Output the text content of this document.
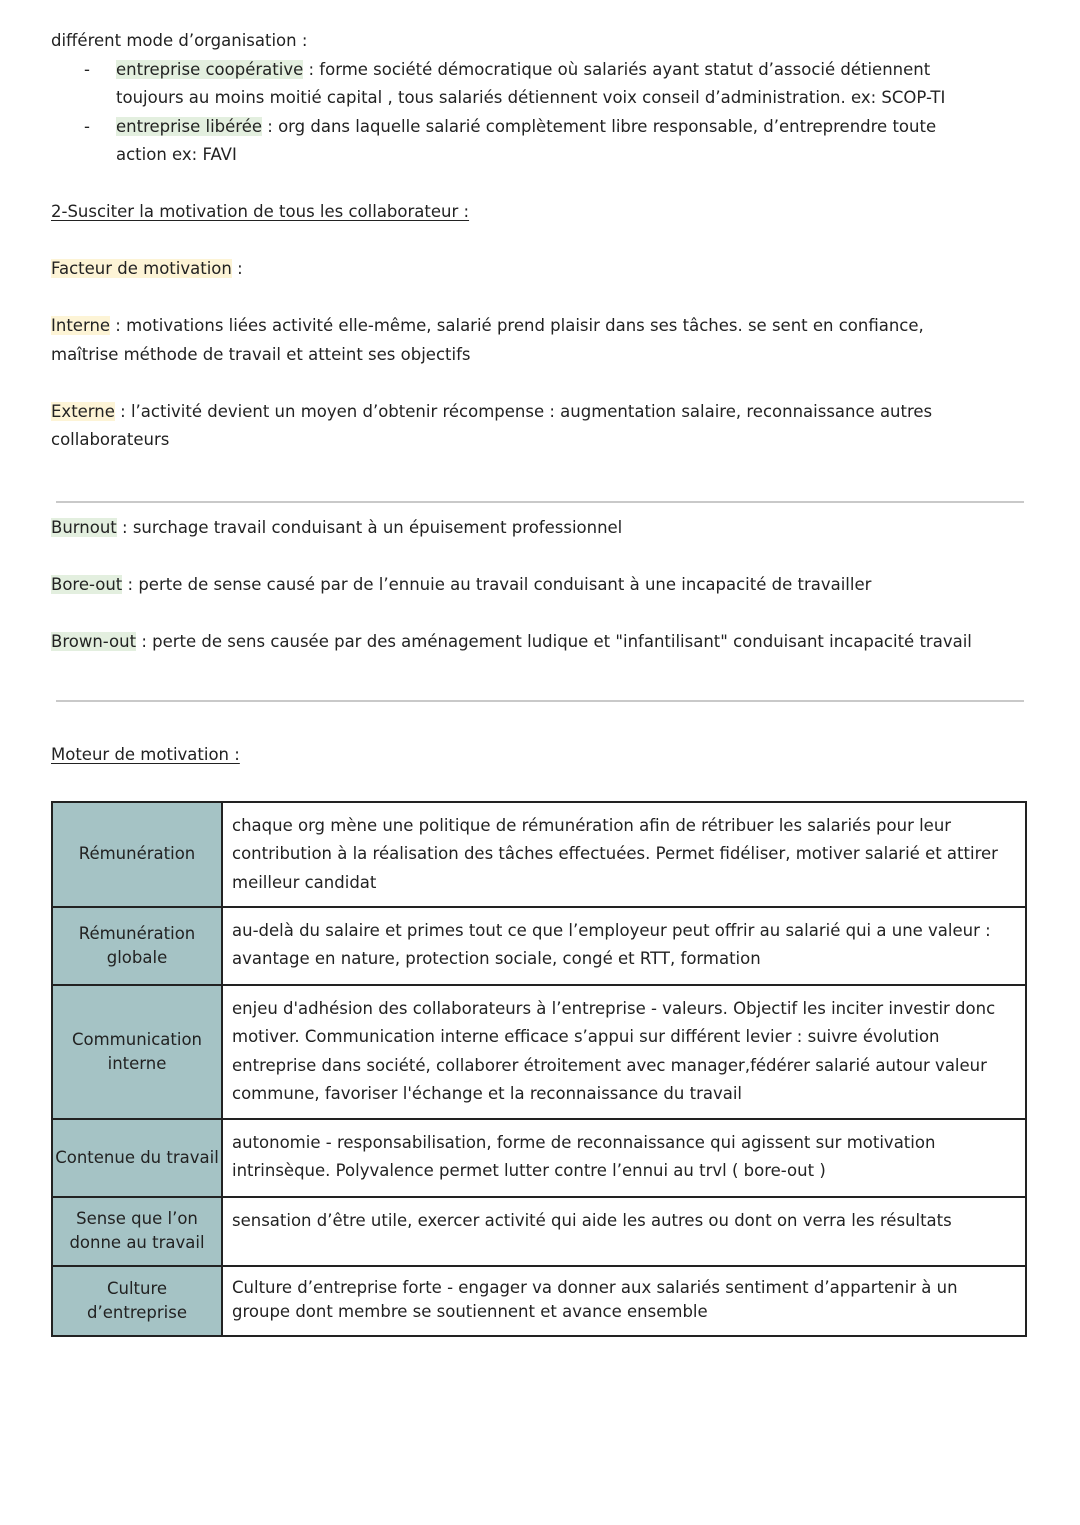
différent mode d’organisation :

- entreprise coopérative : forme société démocratique où salariés ayant statut d’associé détiennent toujours au moins moitié capital , tous salariés détiennent voix conseil d’administration. ex: SCOP-TI
- entreprise libérée : org dans laquelle salarié complètement libre responsable, d’entreprendre toute action ex: FAVI

2-Susciter la motivation de tous les collaborateur :

Facteur de motivation :

Interne : motivations liées activité elle-même, salarié prend plaisir dans ses tâches. se sent en confiance, maîtrise méthode de travail et atteint ses objectifs

Externe : l’activité devient un moyen d’obtenir récompense : augmentation salaire, reconnaissance autres collaborateurs

Burnout : surchage travail conduisant à un épuisement professionnel

Bore-out : perte de sense causé par de l’ennuie au travail conduisant à une incapacité de travailler

Brown-out : perte de sens causée par des aménagement ludique et "infantilisant" conduisant incapacité travail

Moteur de motivation :

Rémunération	chaque org mène une politique de rémunération afin de rétribuer les salariés pour leur contribution à la réalisation des tâches effectuées. Permet fidéliser, motiver salarié et attirer meilleur candidat
Rémunération globale	au-delà du salaire et primes tout ce que l’employeur peut offrir au salarié qui a une valeur : avantage en nature, protection sociale, congé et RTT, formation
Communication interne	enjeu d'adhésion des collaborateurs à l’entreprise - valeurs. Objectif les inciter investir donc motiver. Communication interne efficace s’appui sur différent levier : suivre évolution entreprise dans société, collaborer étroitement avec manager,fédérer salarié autour valeur commune, favoriser l'échange et la reconnaissance du travail
Contenue du travail	autonomie - responsabilisation, forme de reconnaissance qui agissent sur motivation intrinsèque. Polyvalence permet lutter contre l’ennui au trvl ( bore-out )
Sense que l’on donne au travail	sensation d’être utile, exercer activité qui aide les autres ou dont on verra les résultats
Culture d’entreprise	Culture d’entreprise forte - engager va donner aux salariés sentiment d’appartenir à un groupe dont membre se soutiennent et avance ensemble
